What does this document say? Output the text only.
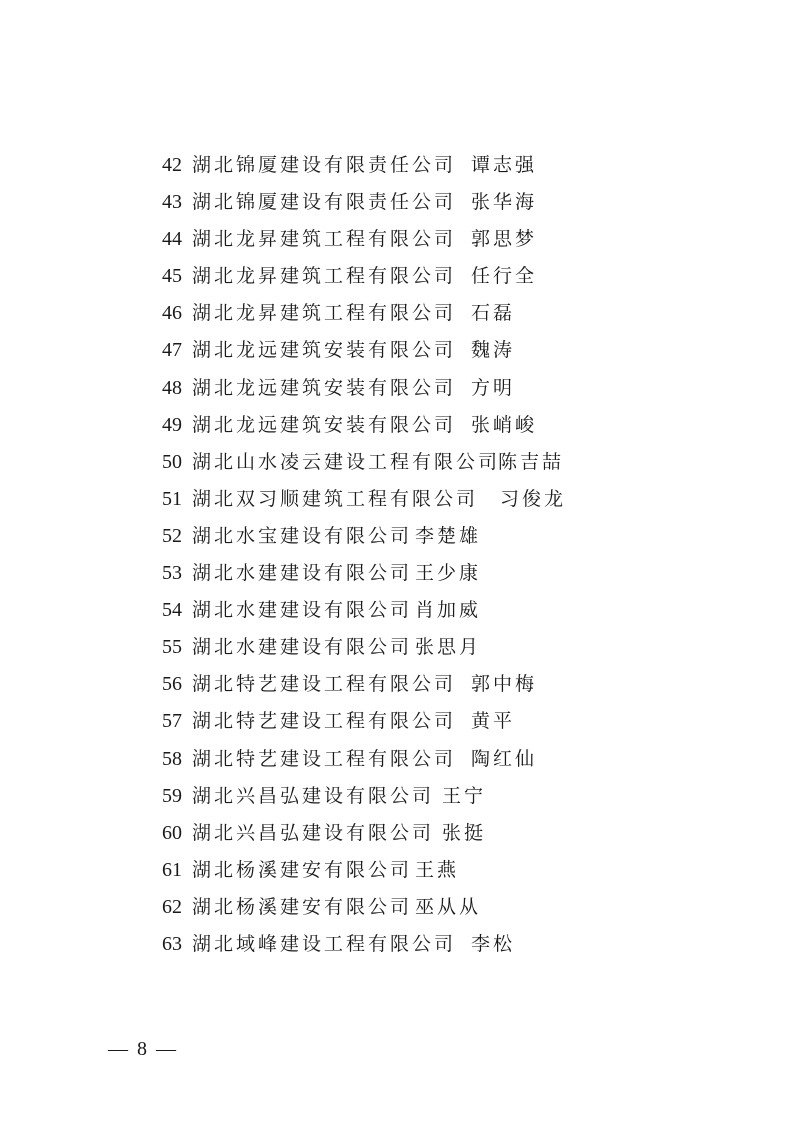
42 湖北锦厦建设有限责任公司 谭志强
43 湖北锦厦建设有限责任公司 张华海
44 湖北龙昇建筑工程有限公司 郭思梦
45 湖北龙昇建筑工程有限公司 任行全
46 湖北龙昇建筑工程有限公司 石磊
47 湖北龙远建筑安装有限公司 魏涛
48 湖北龙远建筑安装有限公司 方明
49 湖北龙远建筑安装有限公司 张峭峻
50 湖北山水凌云建设工程有限公司
陈吉喆
51 湖北双习顺建筑工程有限公司 习俊龙
52 湖北水宝建设有限公司 李楚雄
53 湖北水建建设有限公司 王少康
54 湖北水建建设有限公司 肖加威
55 湖北水建建设有限公司 张思月
56 湖北特艺建设工程有限公司 郭中梅
57 湖北特艺建设工程有限公司 黄平
58 湖北特艺建设工程有限公司 陶红仙
59 湖北兴昌弘建设有限公司 王宁
60 湖北兴昌弘建设有限公司 张挺
61 湖北杨溪建安有限公司 王燕
62 湖北杨溪建安有限公司 巫从从
63 湖北域峰建设工程有限公司 李松
— 8 —
